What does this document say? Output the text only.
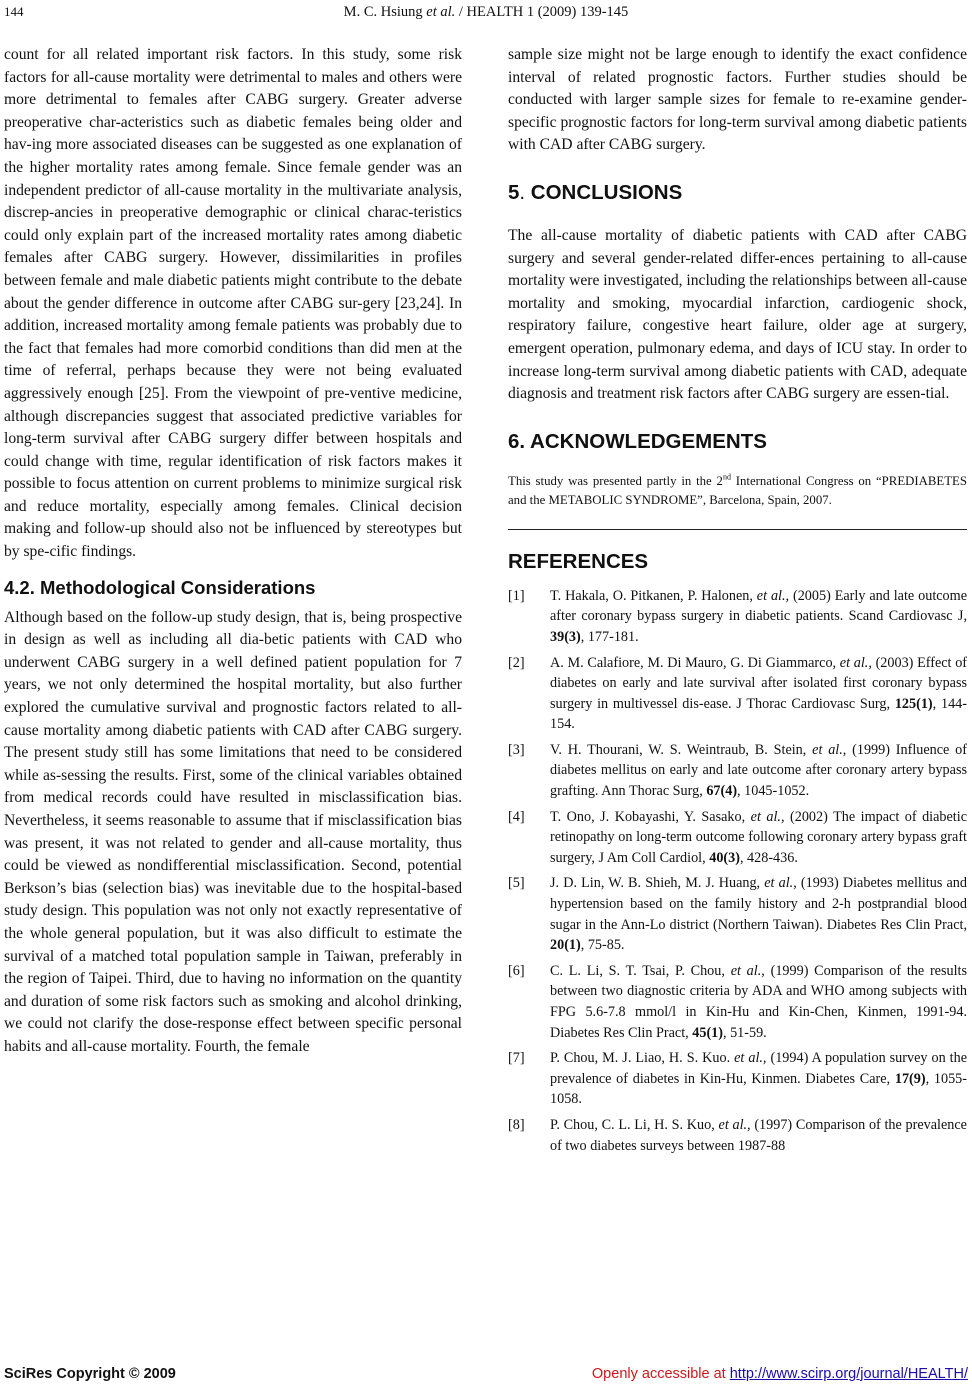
144	M. C. Hsiung et al. / HEALTH 1 (2009) 139-145

count for all related important risk factors. In this study, some risk factors for all-cause mortality were detrimental to males and others were more detrimental to females after CABG surgery. Greater adverse preoperative char-acteristics such as diabetic females being older and hav-ing more associated diseases can be suggested as one explanation of the higher mortality rates among female. Since female gender was an independent predictor of all-cause mortality in the multivariate analysis, discrep-ancies in preoperative demographic or clinical charac-teristics could only explain part of the increased mortality rates among diabetic females after CABG surgery. However, dissimilarities in profiles between female and male diabetic patients might contribute to the debate about the gender difference in outcome after CABG sur-gery [23,24]. In addition, increased mortality among female patients was probably due to the fact that females had more comorbid conditions than did men at the time of referral, perhaps because they were not being evaluated aggressively enough [25]. From the viewpoint of pre-ventive medicine, although discrepancies suggest that associated predictive variables for long-term survival after CABG surgery differ between hospitals and could change with time, regular identification of risk factors makes it possible to focus attention on current problems to minimize surgical risk and reduce mortality, especially among females. Clinical decision making and follow-up should also not be influenced by stereotypes but by spe-cific findings.

4.2. Methodological Considerations

Although based on the follow-up study design, that is, being prospective in design as well as including all dia-betic patients with CAD who underwent CABG surgery in a well defined patient population for 7 years, we not only determined the hospital mortality, but also further explored the cumulative survival and prognostic factors related to all-cause mortality among diabetic patients with CAD after CABG surgery. The present study still has some limitations that need to be considered while as-sessing the results. First, some of the clinical variables obtained from medical records could have resulted in misclassification bias. Nevertheless, it seems reasonable to assume that if misclassification bias was present, it was not related to gender and all-cause mortality, thus could be viewed as nondifferential misclassification. Second, potential Berkson’s bias (selection bias) was inevitable due to the hospital-based study design. This population was not only not exactly representative of the whole general population, but it was also difficult to estimate the survival of a matched total population sample in Taiwan, preferably in the region of Taipei. Third, due to having no information on the quantity and duration of some risk factors such as smoking and alcohol drinking, we could not clarify the dose-response effect between specific personal habits and all-cause mortality. Fourth, the female

sample size might not be large enough to identify the exact confidence interval of related prognostic factors. Further studies should be conducted with larger sample sizes for female to re-examine gender-specific prognostic factors for long-term survival among diabetic patients with CAD after CABG surgery.

5. CONCLUSIONS

The all-cause mortality of diabetic patients with CAD after CABG surgery and several gender-related differ-ences pertaining to all-cause mortality were investigated, including the relationships between all-cause mortality and smoking, myocardial infarction, cardiogenic shock, respiratory failure, congestive heart failure, older age at surgery, emergent operation, pulmonary edema, and days of ICU stay. In order to increase long-term survival among diabetic patients with CAD, adequate diagnosis and treatment risk factors after CABG surgery are essen-tial.

6. ACKNOWLEDGEMENTS

This study was presented partly in the 2nd International Congress on “PREDIABETES and the METABOLIC SYNDROME”, Barcelona, Spain, 2007.

REFERENCES
[1]	T. Hakala, O. Pitkanen, P. Halonen, et al., (2005) Early and late outcome after coronary bypass surgery in diabetic patients. Scand Cardiovasc J, 39(3), 177-181.
[2]	A. M. Calafiore, M. Di Mauro, G. Di Giammarco, et al., (2003) Effect of diabetes on early and late survival after isolated first coronary bypass surgery in multivessel dis-ease. J Thorac Cardiovasc Surg, 125(1), 144-154.
[3]	V. H. Thourani, W. S. Weintraub, B. Stein, et al., (1999) Influence of diabetes mellitus on early and late outcome after coronary artery bypass grafting. Ann Thorac Surg, 67(4), 1045-1052.
[4]	T. Ono, J. Kobayashi, Y. Sasako, et al., (2002) The impact of diabetic retinopathy on long-term outcome following coronary artery bypass graft surgery, J Am Coll Cardiol, 40(3), 428-436.
[5]	J. D. Lin, W. B. Shieh, M. J. Huang, et al., (1993) Diabetes mellitus and hypertension based on the family history and 2-h postprandial blood sugar in the Ann-Lo district (Northern Taiwan). Diabetes Res Clin Pract, 20(1), 75-85.
[6]	C. L. Li, S. T. Tsai, P. Chou, et al., (1999) Comparison of the results between two diagnostic criteria by ADA and WHO among subjects with FPG 5.6-7.8 mmol/l in Kin-Hu and Kin-Chen, Kinmen, 1991-94. Diabetes Res Clin Pract, 45(1), 51-59.
[7]	P. Chou, M. J. Liao, H. S. Kuo. et al., (1994) A population survey on the prevalence of diabetes in Kin-Hu, Kinmen. Diabetes Care, 17(9), 1055-1058.
[8]	P. Chou, C. L. Li, H. S. Kuo, et al., (1997) Comparison of the prevalence of two diabetes surveys between 1987-88
SciRes Copyright © 2009	Openly accessible at http://www.scirp.org/journal/HEALTH/
